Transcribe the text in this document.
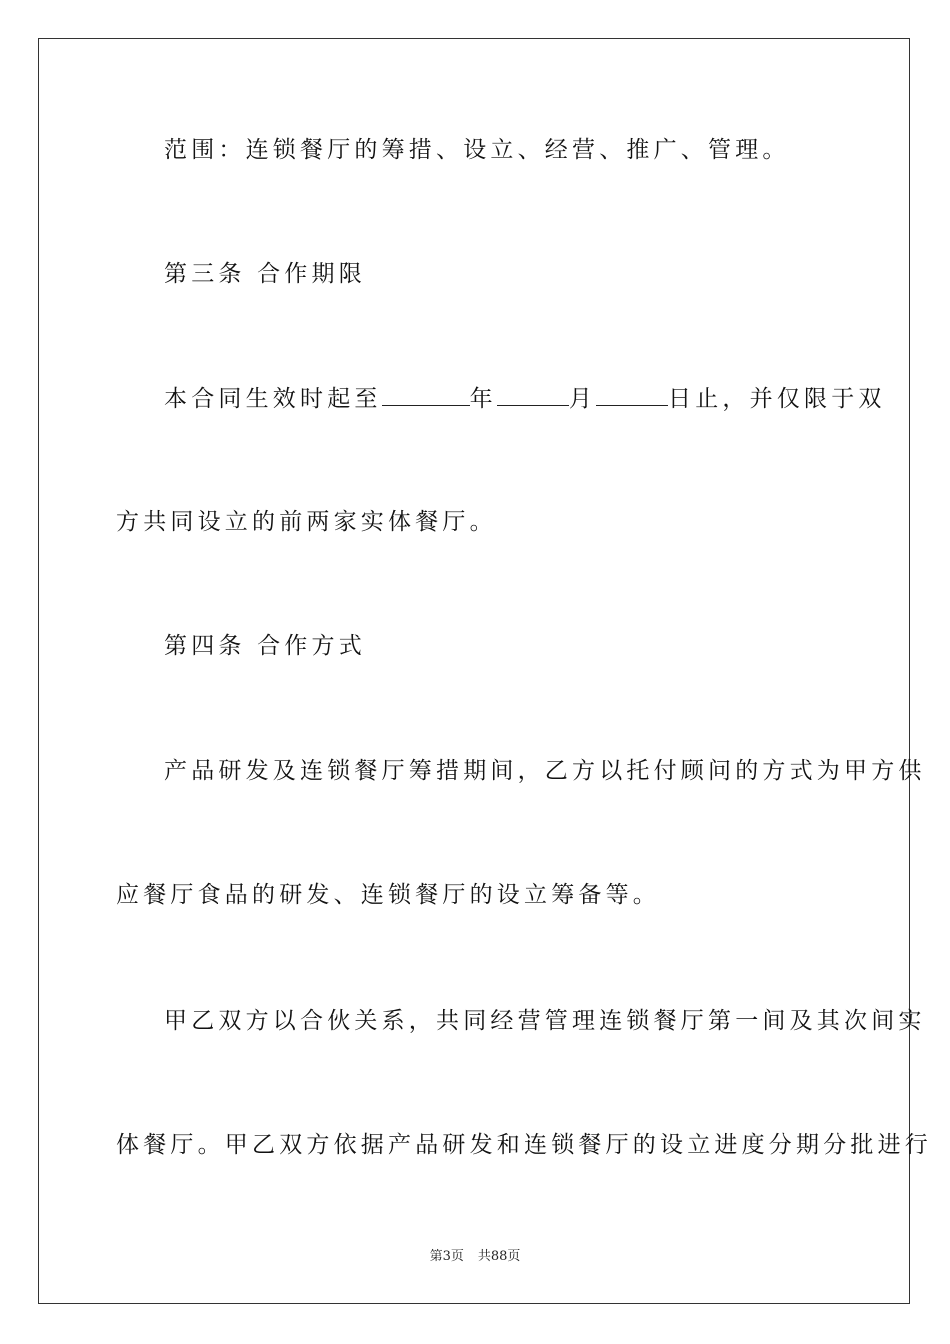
范围：连锁餐厅的筹措、设立、经营、推广、管理。
第三条 合作期限
本合同生效时起至	年	月	日止，并仅限于双
方共同设立的前两家实体餐厅。
第四条 合作方式
产品研发及连锁餐厅筹措期间，乙方以托付顾问的方式为甲方供
应餐厅食品的研发、连锁餐厅的设立筹备等。
甲乙双方以合伙关系，共同经营管理连锁餐厅第一间及其次间实
体餐厅。甲乙双方依据产品研发和连锁餐厅的设立进度分期分批进行
第3页 共88页
